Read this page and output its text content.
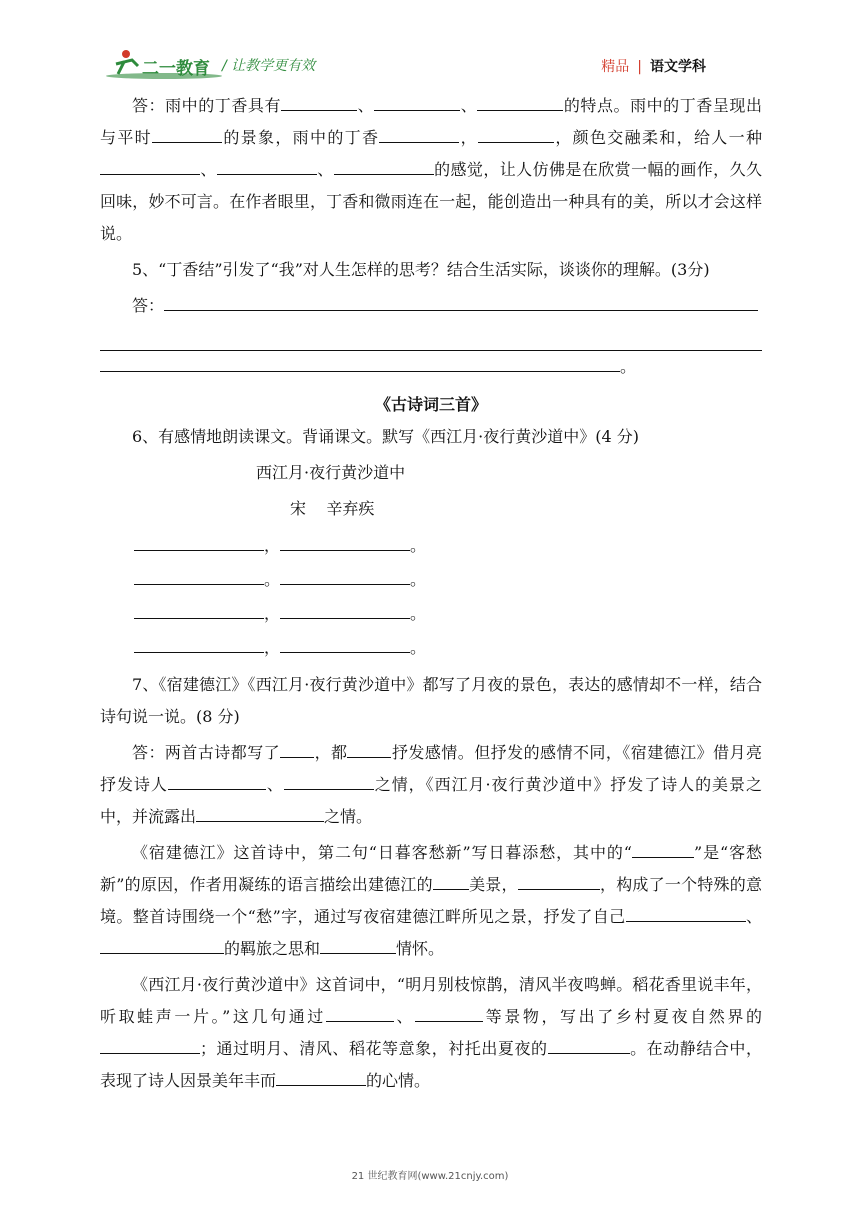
二一教育 / 让教学更有效	精品 | 语文学科

答：雨中的丁香具有	、	、	的特点。雨中的丁香呈现出与平时	的景象，雨中的丁香	，	，颜色交融柔和，给人一种、	、	的感觉，让人仿佛是在欣赏一幅的画作，久久回味，妙不可言。在作者眼里，丁香和微雨连在一起，能创造出一种具有的美，所以才会这样说。

5、“丁香结”引发了“我”对人生怎样的思考？结合生活实际，谈谈你的理解。(3分)

答：

。

《古诗词三首》

6、有感情地朗读课文。背诵课文。默写《西江月·夜行黄沙道中》(4 分)

西江月·夜行黄沙道中

宋    辛弃疾

，	。

。	。

，	。

，	。

7、《宿建德江》《西江月·夜行黄沙道中》都写了月夜的景色，表达的感情却不一样，结合诗句说一说。(8 分)

答：两首古诗都写了 ，都	抒发感情。但抒发的感情不同，《宿建德江》借月亮抒发诗人	、	之情，《西江月·夜行黄沙道中》抒发了诗人的美景之中，并流露出	之情。

《宿建德江》这首诗中，第二句“日暮客愁新”写日暮添愁，其中的“	”是“客愁新”的原因，作者用凝练的语言描绘出建德江的 美景，	，构成了一个特殊的意境。整首诗围绕一个“愁”字，通过写夜宿建德江畔所见之景，抒发了自己	、的羁旅之思和	情怀。

《西江月·夜行黄沙道中》这首词中，“明月别枝惊鹊，清风半夜鸣蝉。稻花香里说丰年，听取蛙声一片。”这几句通过	、	等景物，写出了乡村夏夜自然界的；通过明月、清风、稻花等意象，衬托出夏夜的	。在动静结合中，表现了诗人因景美年丰而	的心情。

21 世纪教育网(www.21cnjy.com)
